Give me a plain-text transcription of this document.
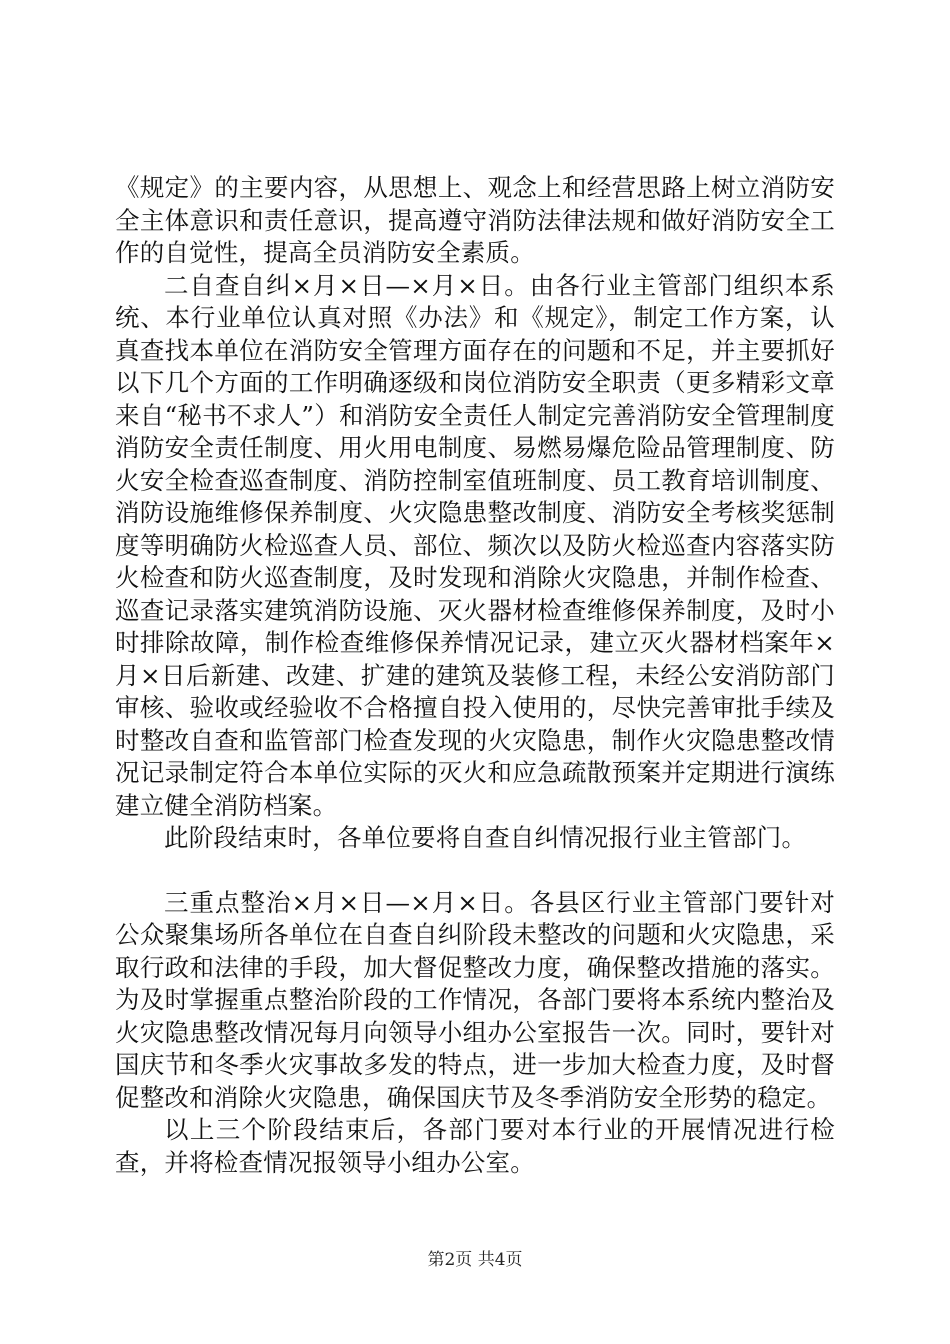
《规定》的主要内容，从思想上、观念上和经营思路上树立消防安全主体意识和责任意识，提高遵守消防法律法规和做好消防安全工作的自觉性，提高全员消防安全素质。

二自查自纠×月×日—×月×日。由各行业主管部门组织本系统、本行业单位认真对照《办法》和《规定》，制定工作方案，认真查找本单位在消防安全管理方面存在的问题和不足，并主要抓好以下几个方面的工作明确逐级和岗位消防安全职责（更多精彩文章来自“秘书不求人”）和消防安全责任人制定完善消防安全管理制度消防安全责任制度、用火用电制度、易燃易爆危险品管理制度、防火安全检查巡查制度、消防控制室值班制度、员工教育培训制度、消防设施维修保养制度、火灾隐患整改制度、消防安全考核奖惩制度等明确防火检巡查人员、部位、频次以及防火检巡查内容落实防火检查和防火巡查制度，及时发现和消除火灾隐患，并制作检查、巡查记录落实建筑消防设施、灭火器材检查维修保养制度，及时小时排除故障，制作检查维修保养情况记录，建立灭火器材档案年×月×日后新建、改建、扩建的建筑及装修工程，未经公安消防部门审核、验收或经验收不合格擅自投入使用的，尽快完善审批手续及时整改自查和监管部门检查发现的火灾隐患，制作火灾隐患整改情况记录制定符合本单位实际的灭火和应急疏散预案并定期进行演练建立健全消防档案。

此阶段结束时，各单位要将自查自纠情况报行业主管部门。

三重点整治×月×日—×月×日。各县区行业主管部门要针对公众聚集场所各单位在自查自纠阶段未整改的问题和火灾隐患，采取行政和法律的手段，加大督促整改力度，确保整改措施的落实。为及时掌握重点整治阶段的工作情况，各部门要将本系统内整治及火灾隐患整改情况每月向领导小组办公室报告一次。同时，要针对国庆节和冬季火灾事故多发的特点，进一步加大检查力度，及时督促整改和消除火灾隐患，确保国庆节及冬季消防安全形势的稳定。

以上三个阶段结束后，各部门要对本行业的开展情况进行检查，并将检查情况报领导小组办公室。

第2页 共4页
